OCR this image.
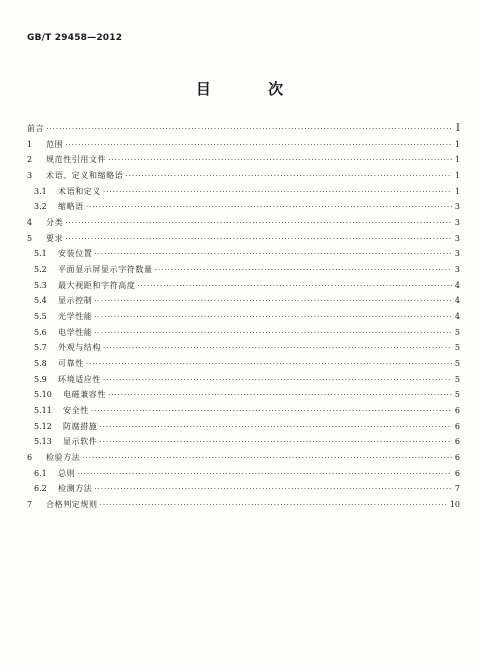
GB/T 29458—2012
目 次
前言 ·····	I
1	范围 ·····	1
2	规范性引用文件 ·····	1
3	术语、定义和缩略语 ·····	1
3.1	术语和定义 ·····	1
3.2	缩略语 ·····	3
4	分类 ·····	3
5	要求 ·····	3
5.1	安装位置 ·····	3
5.2	平面显示屏显示字符数量 ·····	3
5.3	最大视距和字符高度 ·····	4
5.4	显示控制 ·····	4
5.5	光学性能 ·····	4
5.6	电学性能 ·····	5
5.7	外观与结构 ·····	5
5.8	可靠性 ·····	5
5.9	环境适应性 ·····	5
5.10	电磁兼容性 ·····	5
5.11	安全性 ·····	6
5.12	防腐措施 ·····	6
5.13	显示软件 ·····	6
6	检验方法 ·····	6
6.1	总则 ·····	6
6.2	检测方法 ·····	7
7	合格判定规则 ·····	10
